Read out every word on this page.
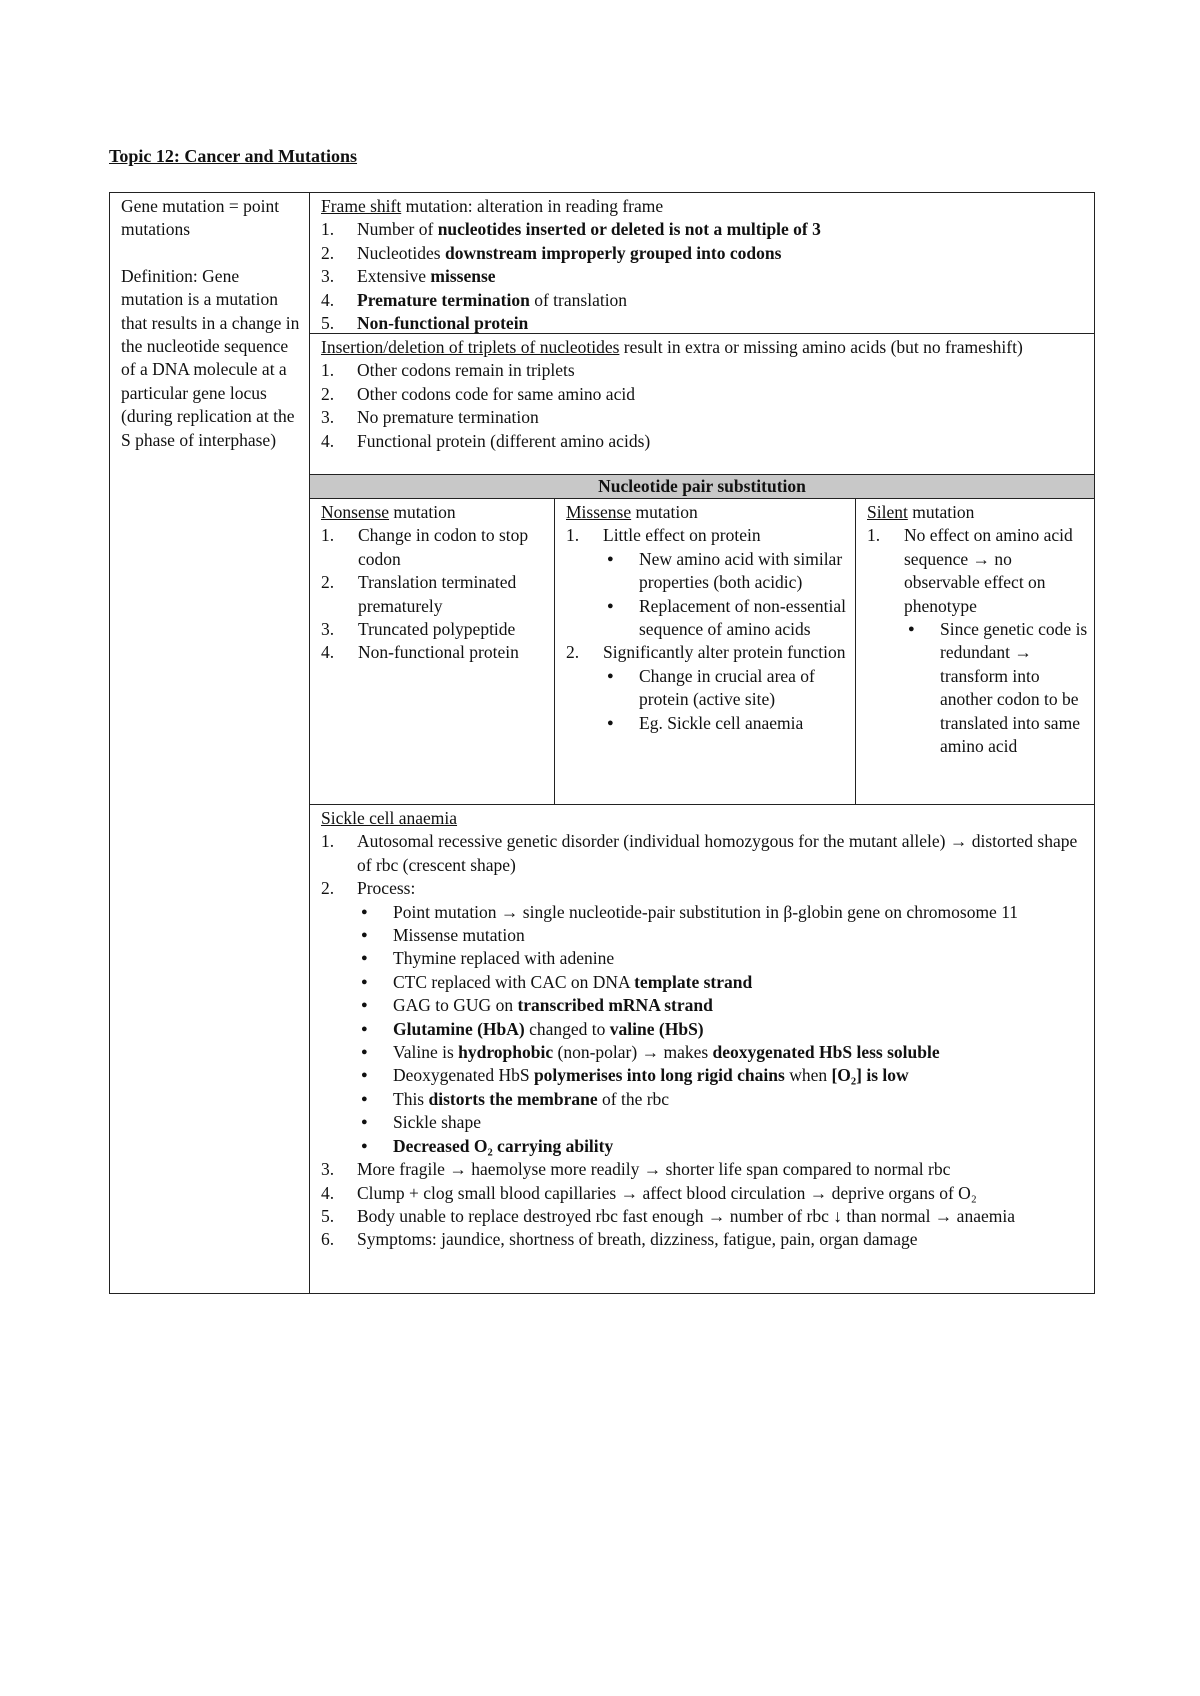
Topic 12: Cancer and Mutations

Gene mutation = point mutations

Definition: Gene mutation is a mutation that results in a change in the nucleotide sequence of a DNA molecule at a particular gene locus (during replication at the S phase of interphase)

Frame shift mutation: alteration in reading frame
1. Number of nucleotides inserted or deleted is not a multiple of 3
2. Nucleotides downstream improperly grouped into codons
3. Extensive missense
4. Premature termination of translation
5. Non-functional protein
Insertion/deletion of triplets of nucleotides result in extra or missing amino acids (but no frameshift)
1. Other codons remain in triplets
2. Other codons code for same amino acid
3. No premature termination
4. Functional protein (different amino acids)
Nucleotide pair substitution
Nonsense mutation
1. Change in codon to stop codon
2. Translation terminated prematurely
3. Truncated polypeptide
4. Non-functional protein
Missense mutation
1. Little effect on protein
● New amino acid with similar properties (both acidic)
● Replacement of non-essential sequence of amino acids
2. Significantly alter protein function
● Change in crucial area of protein (active site)
● Eg. Sickle cell anaemia
Silent mutation
1. No effect on amino acid sequence → no observable effect on phenotype
● Since genetic code is redundant → transform into another codon to be translated into same amino acid
Sickle cell anaemia
1. Autosomal recessive genetic disorder (individual homozygous for the mutant allele) → distorted shape of rbc (crescent shape)
2. Process:
● Point mutation → single nucleotide-pair substitution in β-globin gene on chromosome 11
● Missense mutation
● Thymine replaced with adenine
● CTC replaced with CAC on DNA template strand
● GAG to GUG on transcribed mRNA strand
● Glutamine (HbA) changed to valine (HbS)
● Valine is hydrophobic (non-polar) → makes deoxygenated HbS less soluble
● Deoxygenated HbS polymerises into long rigid chains when [O₂] is low
● This distorts the membrane of the rbc
● Sickle shape
● Decreased O₂ carrying ability
3. More fragile → haemolyse more readily → shorter life span compared to normal rbc
4. Clump + clog small blood capillaries → affect blood circulation → deprive organs of O₂
5. Body unable to replace destroyed rbc fast enough → number of rbc ↓ than normal → anaemia
6. Symptoms: jaundice, shortness of breath, dizziness, fatigue, pain, organ damage
